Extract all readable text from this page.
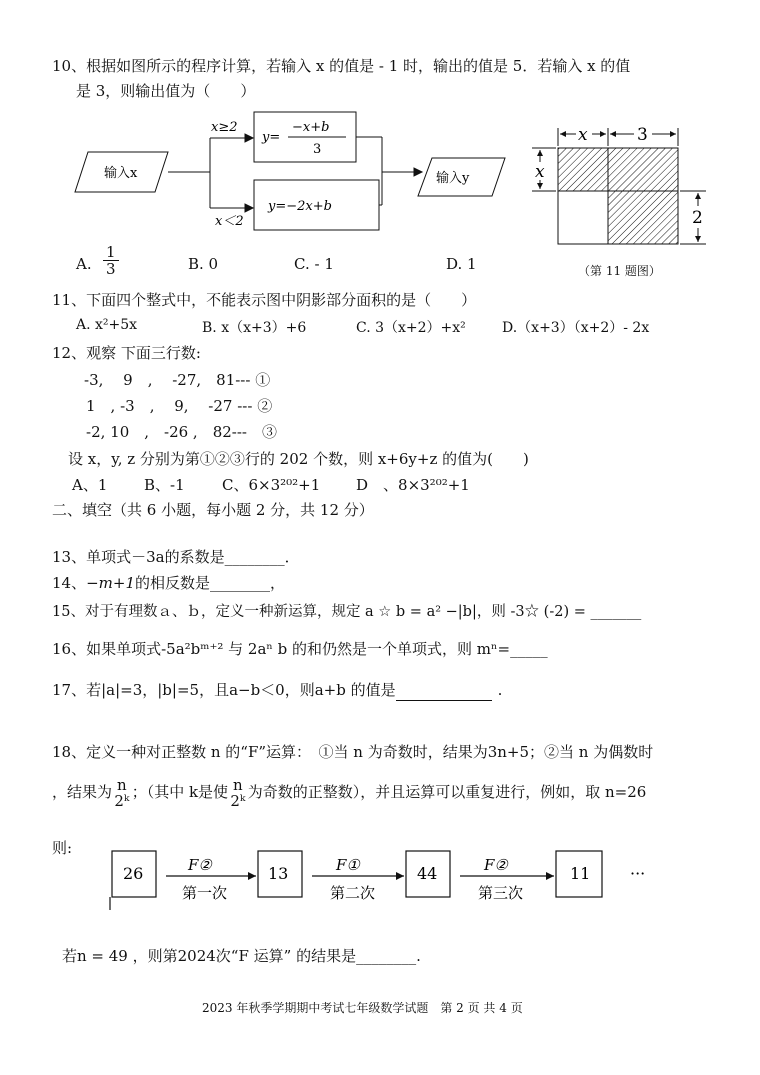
10、根据如图所示的程序计算，若输入 x 的值是 - 1 时，输出的值是 5．若输入 x 的值
是 3，则输出值为（　　）
输入x
x≥2
x＜2
y=
−x+b
3
y=−2x+b
输入y
x	3
x
2
A. $\frac{1}{3}$	B. 0	C. - 1	D. 1	（第 11 题图）
11、下面四个整式中，不能表示图中阴影部分面积的是（　　）
A. x²+5x	B. x（x+3）+6	C. 3（x+2）+x²	D.（x+3）（x+2）- 2x
12、观察 下面三行数:
-3,　 9　,　 -27,　81--- ①
1　, -3　,　 9,　 -27 --- ②
-2, 10　,　-26 ,　82---　③
设 x，y, z 分别为第①②③行的 202 个数，则 x+6y+z 的值为(　　)
A、1 B、-1 C、6×3²⁰²+1 D　、8×3²⁰²+1
二、填空（共 6 小题，每小题 2 分，共 12 分）
13、单项式－3a的系数是________．
14、−m+1的相反数是________，
15、对于有理数ａ、ｂ，定义一种新运算，规定 a ☆ b = a² −|b|，则 -3☆ (-2) = _______
16、如果单项式-5a²bᵐ⁺² 与 2aⁿ b 的和仍然是一个单项式，则 mⁿ=_____
17、若|a|=3，|b|=5，且a−b＜0，则a+b 的值是	.
18、定义一种对正整数 n 的“F”运算：　①当 n 为奇数时，结果为3n+5；②当 n 为偶数时
，结果为 n
2ᵏ ；（其中 k是使 n
2ᵏ 为奇数的正整数），并且运算可以重复进行，例如，取 n=26
则:
26	13	44	11
F②	F①	F②
第一次	第二次	第三次
···
若n = 49 ，则第2024次“F 运算” 的结果是________.
2023 年秋季学期期中考试七年级数学试题　第 2 页 共 4 页
